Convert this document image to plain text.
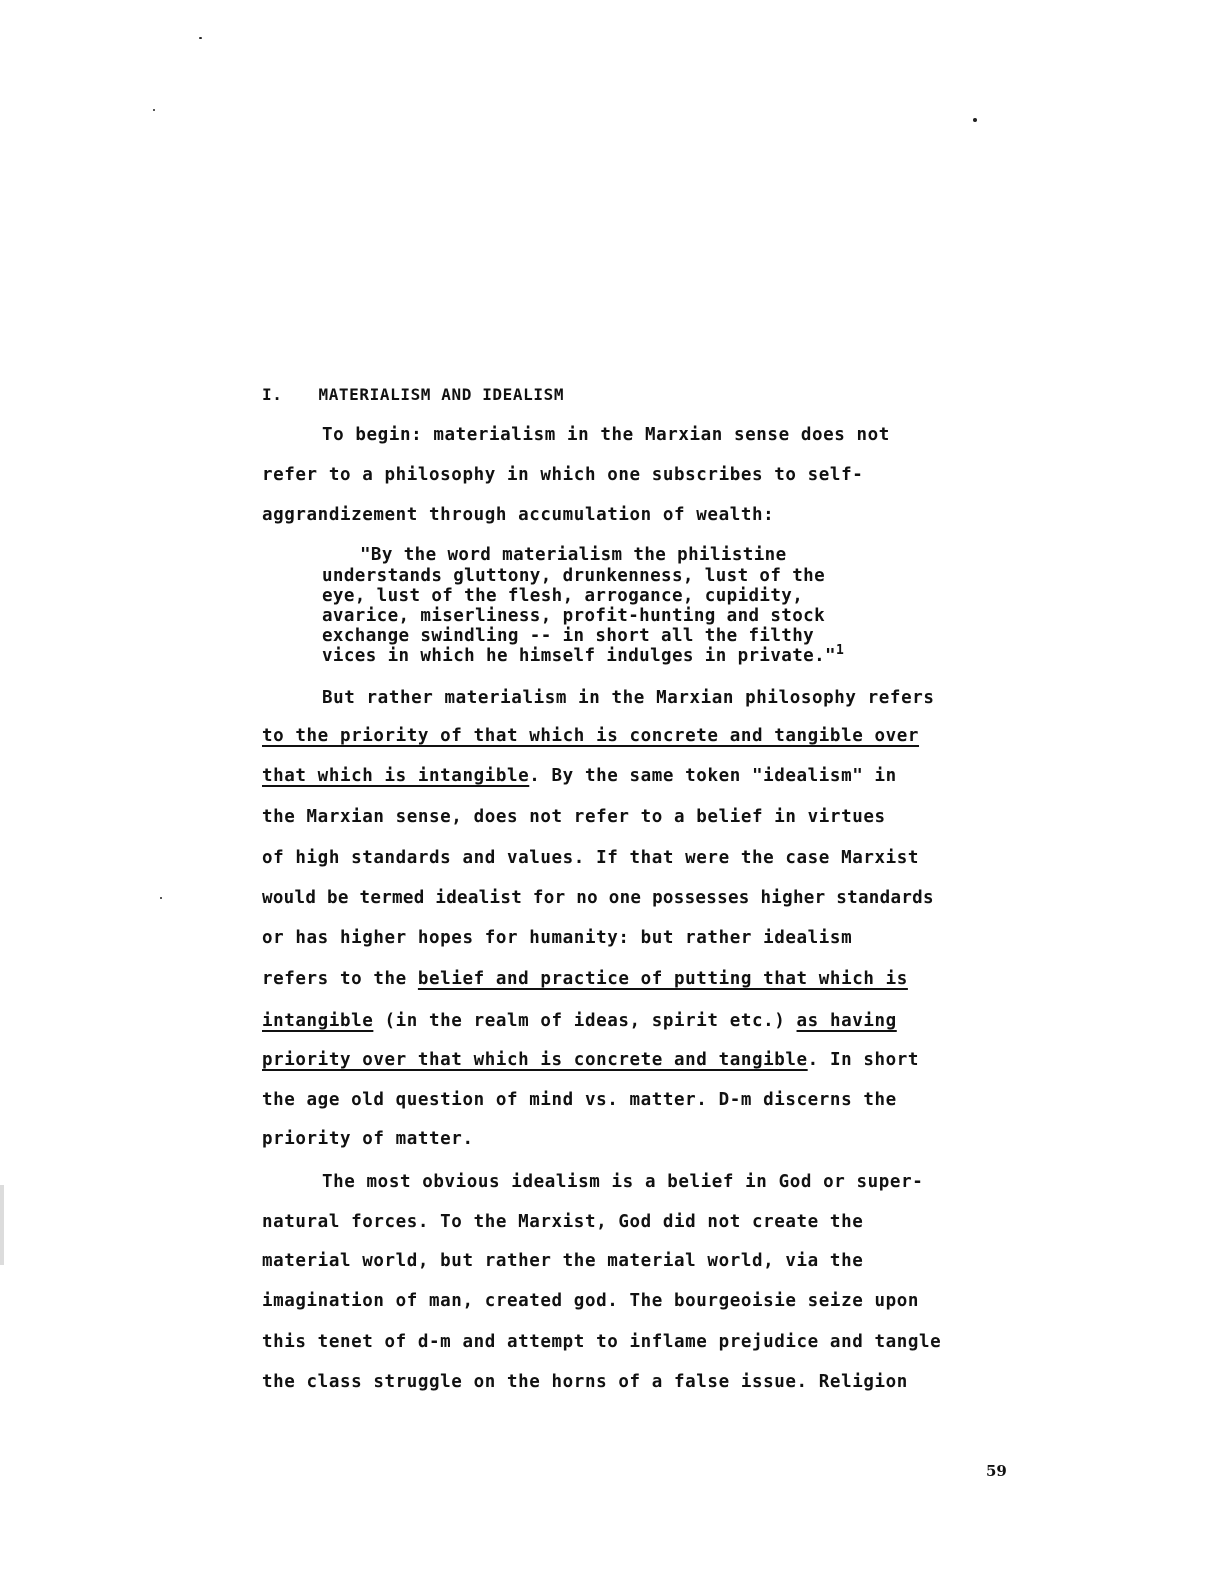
I. MATERIALISM AND IDEALISM
To begin: materialism in the Marxian sense does not
refer to a philosophy in which one subscribes to self-
aggrandizement through accumulation of wealth:
"By the word materialism the philistine
understands gluttony, drunkenness, lust of the
eye, lust of the flesh, arrogance, cupidity,
avarice, miserliness, profit-hunting and stock
exchange swindling -- in short all the filthy
vices in which he himself indulges in private."$^1$
But rather materialism in the Marxian philosophy refers
to the priority of that which is concrete and tangible over
that which is intangible. By the same token "idealism" in
the Marxian sense, does not refer to a belief in virtues
of high standards and values. If that were the case Marxist
would be termed idealist for no one possesses higher standards
or has higher hopes for humanity: but rather idealism
refers to the belief and practice of putting that which is
intangible (in the realm of ideas, spirit etc.) as having
priority over that which is concrete and tangible. In short
the age old question of mind vs. matter. D-m discerns the
priority of matter.
The most obvious idealism is a belief in God or super-
natural forces. To the Marxist, God did not create the
material world, but rather the material world, via the
imagination of man, created god. The bourgeoisie seize upon
this tenet of d-m and attempt to inflame prejudice and tangle
the class struggle on the horns of a false issue. Religion
59
